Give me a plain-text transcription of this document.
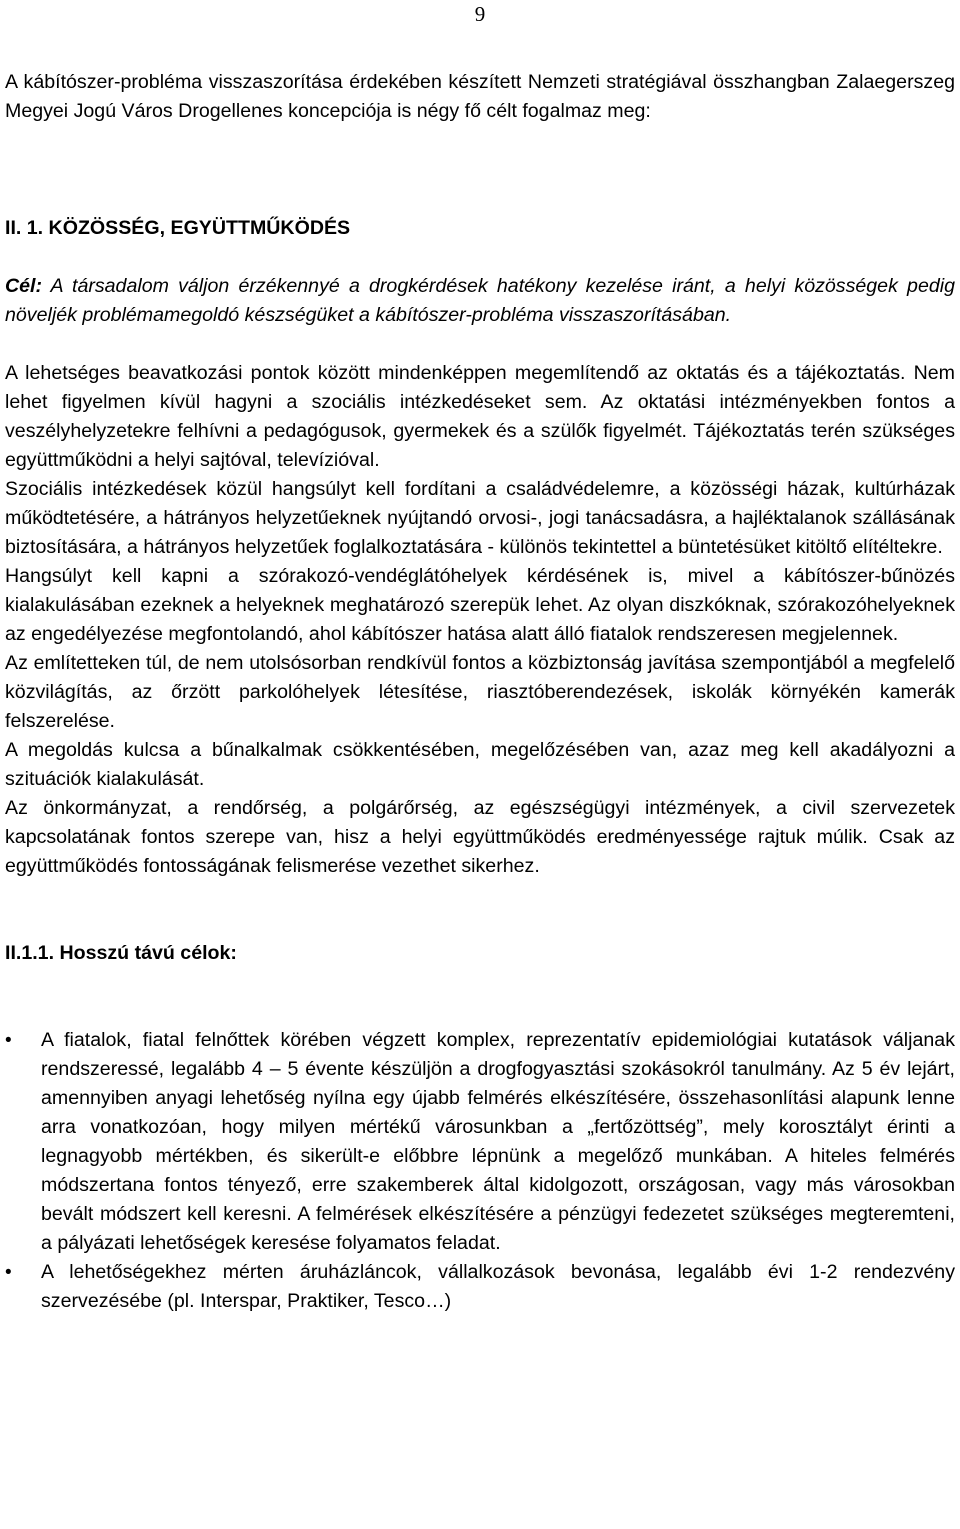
9

A kábítószer-probléma visszaszorítása érdekében készített Nemzeti stratégiával összhangban Zalaegerszeg Megyei Jogú Város Drogellenes koncepciója is négy fő célt fogalmaz meg:

II. 1. KÖZÖSSÉG, EGYÜTTMŰKÖDÉS

Cél: A társadalom váljon érzékennyé a drogkérdések hatékony kezelése iránt, a helyi közösségek pedig növeljék problémamegoldó készségüket a kábítószer-probléma visszaszorításában.

A lehetséges beavatkozási pontok között mindenképpen megemlítendő az oktatás és a tájékoztatás. Nem lehet figyelmen kívül hagyni a szociális intézkedéseket sem. Az oktatási intézményekben fontos a veszélyhelyzetekre felhívni a pedagógusok, gyermekek és a szülők figyelmét. Tájékoztatás terén szükséges együttműködni a helyi sajtóval, televízióval.

Szociális intézkedések közül hangsúlyt kell fordítani a családvédelemre, a közösségi házak, kultúrházak működtetésére, a hátrányos helyzetűeknek nyújtandó orvosi-, jogi tanácsadásra, a hajléktalanok szállásának biztosítására, a hátrányos helyzetűek foglalkoztatására - különös tekintettel a büntetésüket kitöltő elítéltekre.

Hangsúlyt kell kapni a szórakozó-vendéglátóhelyek kérdésének is, mivel a kábítószer-bűnözés kialakulásában ezeknek a helyeknek meghatározó szerepük lehet. Az olyan diszkóknak, szórakozóhelyeknek az engedélyezése megfontolandó, ahol kábítószer hatása alatt álló fiatalok rendszeresen megjelennek.

Az említetteken túl, de nem utolsósorban rendkívül fontos a közbiztonság javítása szempontjából a megfelelő közvilágítás, az őrzött parkolóhelyek létesítése, riasztóberendezések, iskolák környékén kamerák felszerelése.

A megoldás kulcsa a bűnalkalmak csökkentésében, megelőzésében van, azaz meg kell akadályozni a szituációk kialakulását.

Az önkormányzat, a rendőrség, a polgárőrség, az egészségügyi intézmények, a civil szervezetek kapcsolatának fontos szerepe van, hisz a helyi együttműködés eredményessége rajtuk múlik. Csak az együttműködés fontosságának felismerése vezethet sikerhez.

II.1.1. Hosszú távú célok:

•	A fiatalok, fiatal felnőttek körében végzett komplex, reprezentatív epidemiológiai kutatások váljanak rendszeressé, legalább 4 – 5 évente készüljön a drogfogyasztási szokásokról tanulmány. Az 5 év lejárt, amennyiben anyagi lehetőség nyílna egy újabb felmérés elkészítésére, összehasonlítási alapunk lenne arra vonatkozóan, hogy milyen mértékű városunkban a „fertőzöttség”, mely korosztályt érinti a legnagyobb mértékben, és sikerült-e előbbre lépnünk a megelőző munkában. A hiteles felmérés módszertana fontos tényező, erre szakemberek által kidolgozott, országosan, vagy más városokban bevált módszert kell keresni. A felmérések elkészítésére a pénzügyi fedezetet szükséges megteremteni, a pályázati lehetőségek keresése folyamatos feladat.
•	A lehetőségekhez mérten áruházláncok, vállalkozások bevonása, legalább évi 1-2 rendezvény szervezésébe (pl. Interspar, Praktiker, Tesco…)
